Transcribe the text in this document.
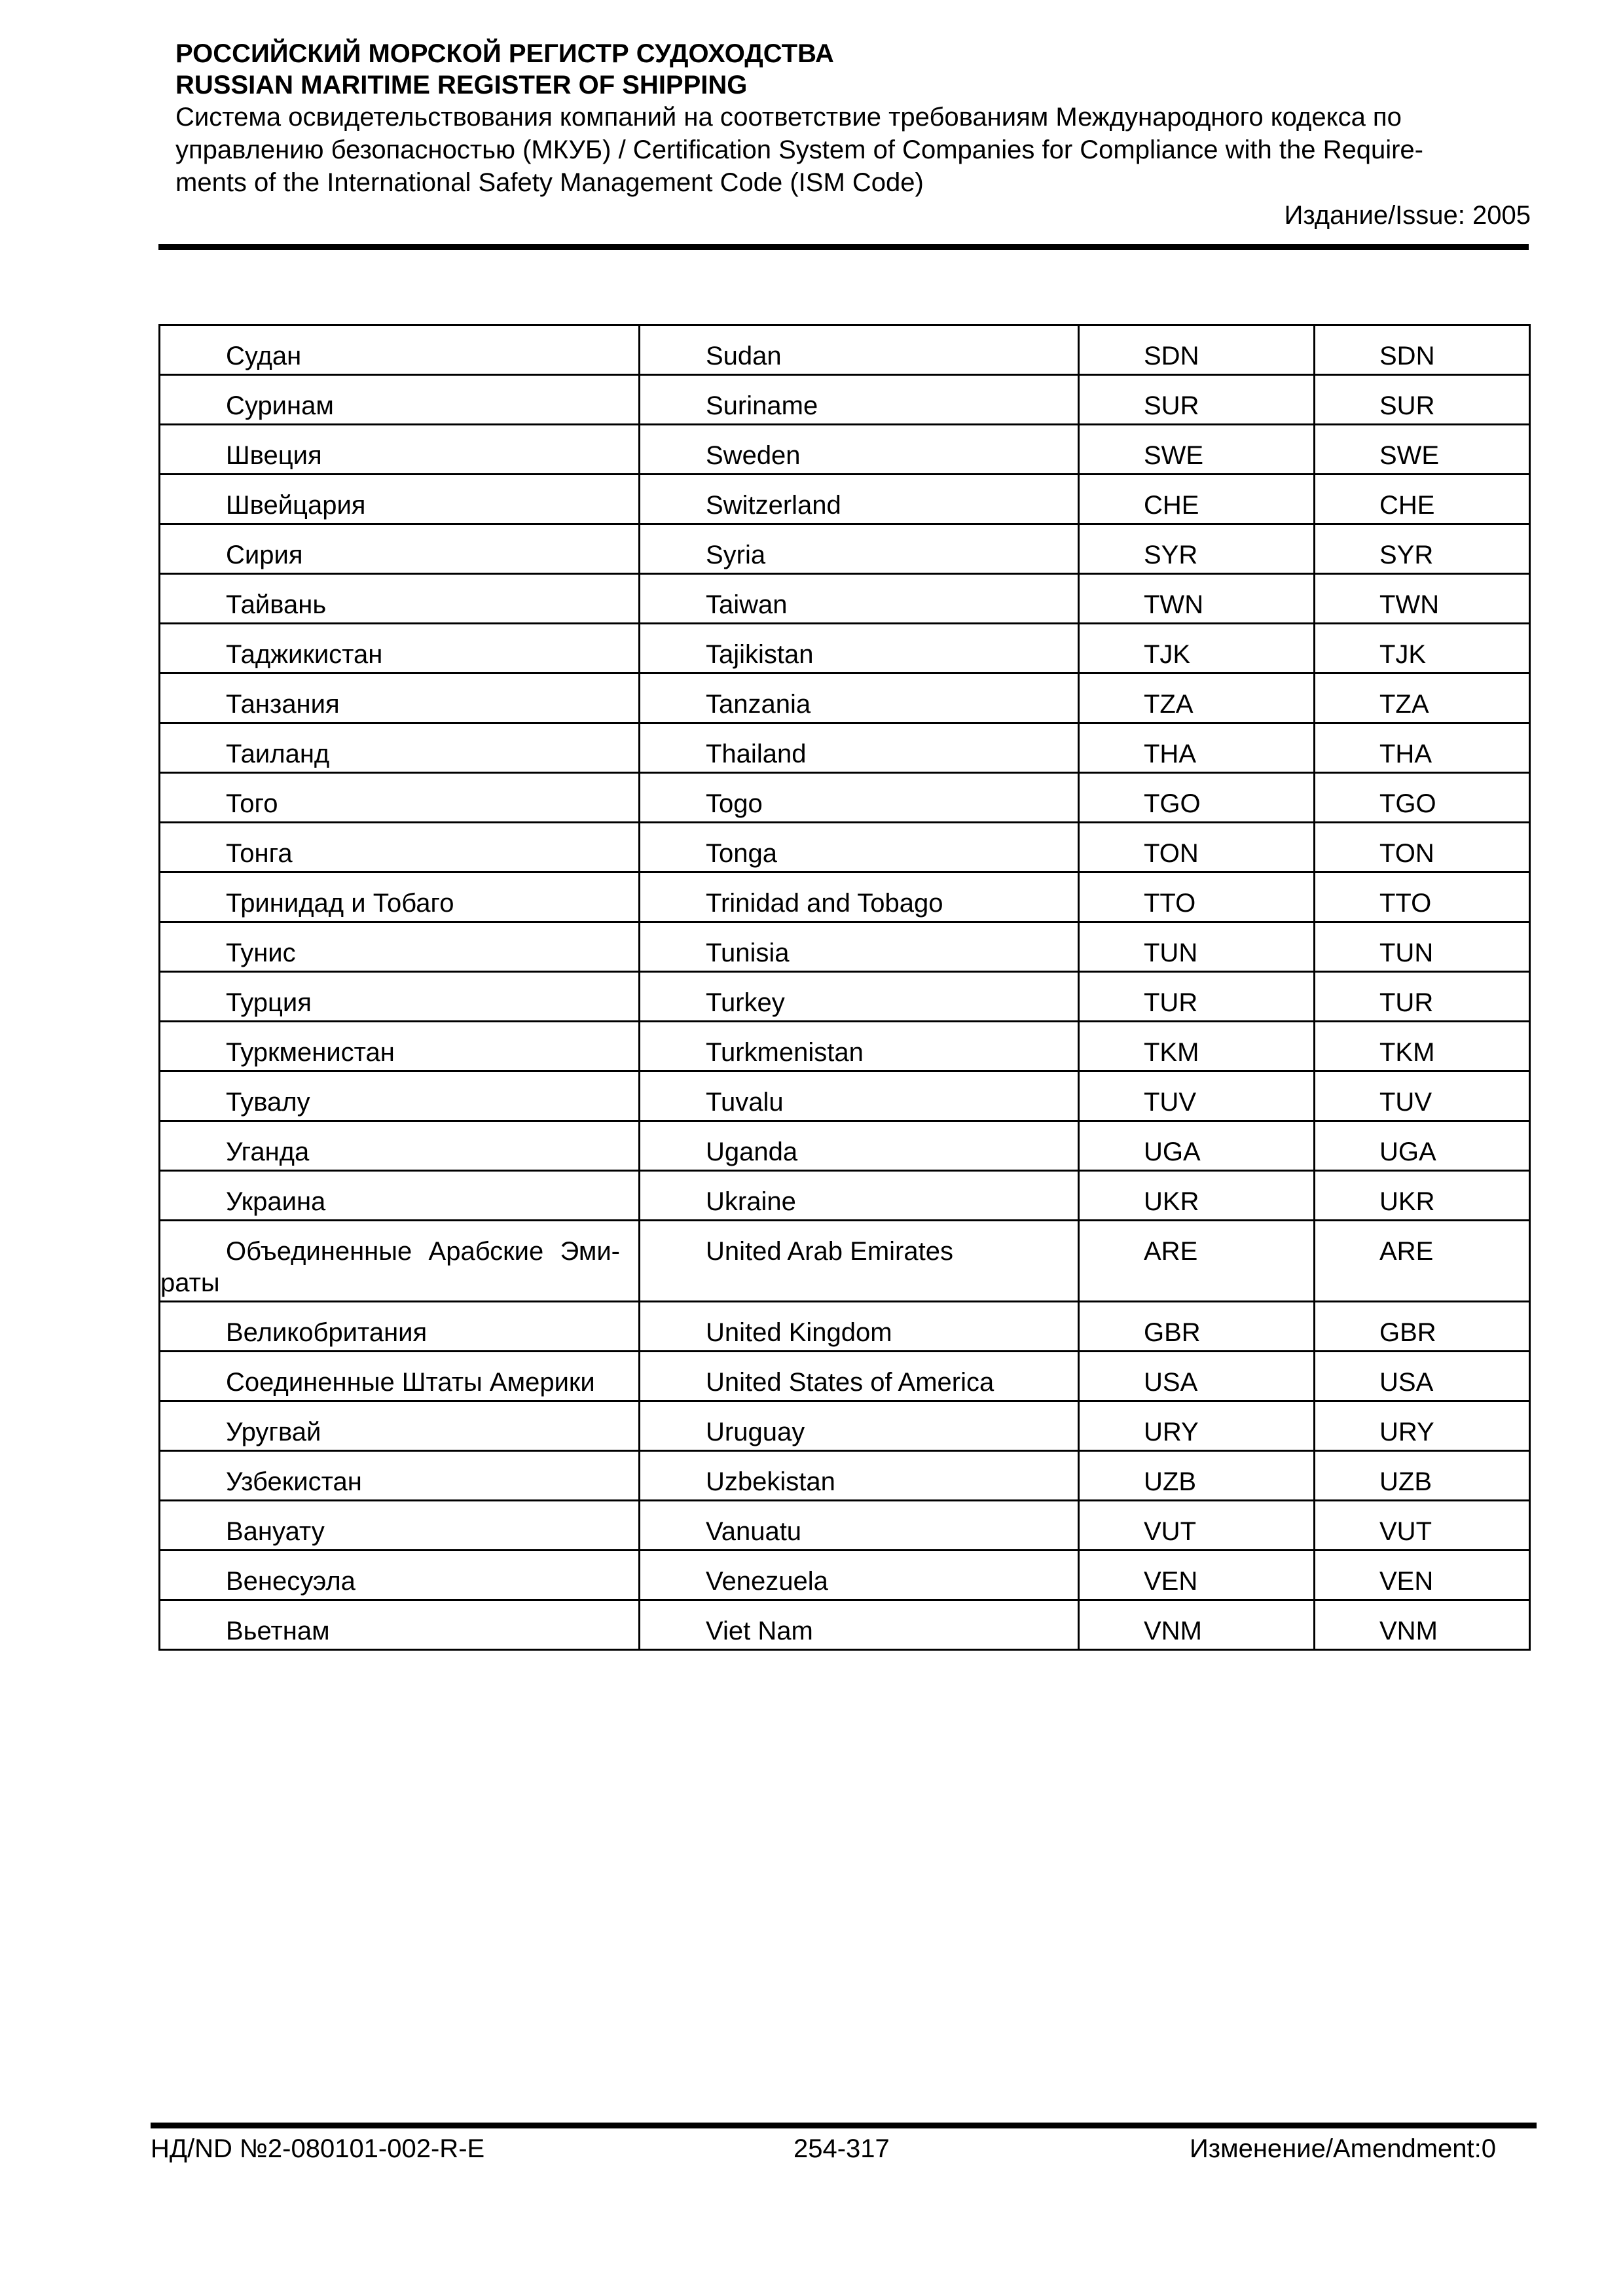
РОССИЙСКИЙ МОРСКОЙ РЕГИСТР СУДОХОДСТВА

RUSSIAN MARITIME REGISTER OF SHIPPING

Система освидетельствования компаний на соответствие требованиям Международного кодекса по

управлению безопасностью (МКУБ) / Certification System of Companies for Compliance with the Require-

ments of the International Safety Management Code (ISM Code)

Издание/Issue: 2005

Судан	Sudan	SDN	SDN
Суринам	Suriname	SUR	SUR
Швеция	Sweden	SWE	SWE
Швейцария	Switzerland	CHE	CHE
Сирия	Syria	SYR	SYR
Тайвань	Taiwan	TWN	TWN
Таджикистан	Tajikistan	TJK	TJK
Танзания	Tanzania	TZA	TZA
Таиланд	Thailand	THA	THA
Того	Togo	TGO	TGO
Тонга	Tonga	TON	TON
Тринидад и Тобаго	Trinidad and Tobago	TTO	TTO
Тунис	Tunisia	TUN	TUN
Турция	Turkey	TUR	TUR
Туркменистан	Turkmenistan	TKM	TKM
Тувалу	Tuvalu	TUV	TUV
Уганда	Uganda	UGA	UGA
Украина	Ukraine	UKR	UKR

Объединенные Арабские Эми-
раты	United Arab Emirates	ARE	ARE
Великобритания	United Kingdom	GBR	GBR
Соединенные Штаты Америки	United States of America	USA	USA
Уругвай	Uruguay	URY	URY
Узбекистан	Uzbekistan	UZB	UZB
Вануату	Vanuatu	VUT	VUT
Венесуэла	Venezuela	VEN	VEN
Вьетнам	Viet Nam	VNM	VNM
НД/ND №2-080101-002-R-E	254-317	Изменение/Amendment:0
